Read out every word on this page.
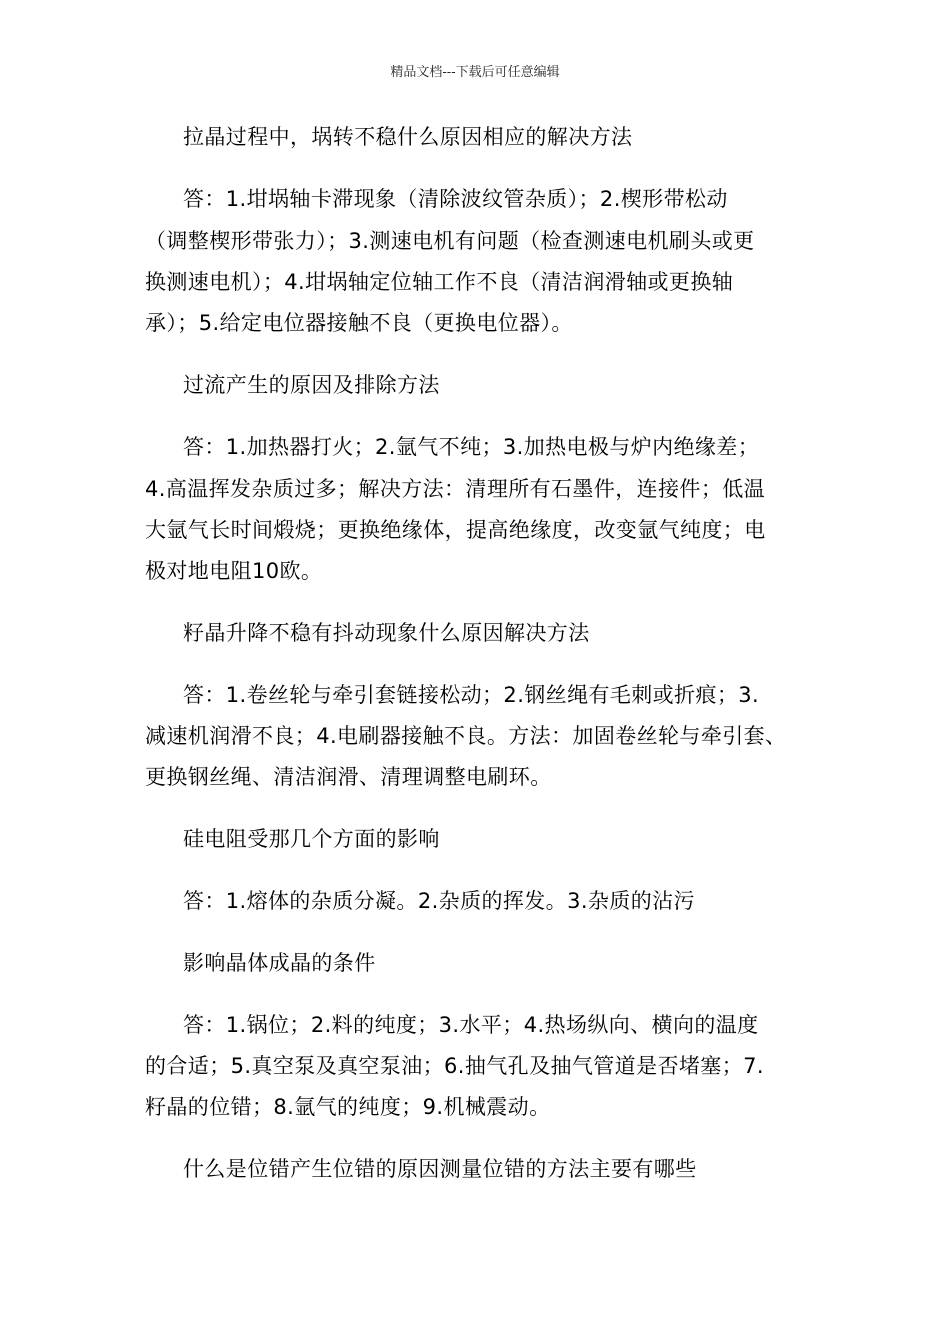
精品文档---下载后可任意编辑
拉晶过程中，埚转不稳什么原因相应的解决方法
答：1.坩埚轴卡滞现象（清除波纹管杂质）；2.楔形带松动
（调整楔形带张力）；3.测速电机有问题（检查测速电机刷头或更
换测速电机）；4.坩埚轴定位轴工作不良（清洁润滑轴或更换轴
承）；5.给定电位器接触不良（更换电位器）。
过流产生的原因及排除方法
答：1.加热器打火；2.氩气不纯；3.加热电极与炉内绝缘差；
4.高温挥发杂质过多；解决方法：清理所有石墨件，连接件；低温
大氩气长时间煅烧；更换绝缘体，提高绝缘度，改变氩气纯度；电
极对地电阻10欧。
籽晶升降不稳有抖动现象什么原因解决方法
答：1.卷丝轮与牵引套链接松动；2.钢丝绳有毛刺或折痕；3.
减速机润滑不良；4.电刷器接触不良。方法：加固卷丝轮与牵引套、
更换钢丝绳、清洁润滑、清理调整电刷环。
硅电阻受那几个方面的影响
答：1.熔体的杂质分凝。2.杂质的挥发。3.杂质的沾污
影响晶体成晶的条件
答：1.锅位；2.料的纯度；3.水平；4.热场纵向、横向的温度
的合适；5.真空泵及真空泵油；6.抽气孔及抽气管道是否堵塞；7.
籽晶的位错；8.氩气的纯度；9.机械震动。
什么是位错产生位错的原因测量位错的方法主要有哪些
